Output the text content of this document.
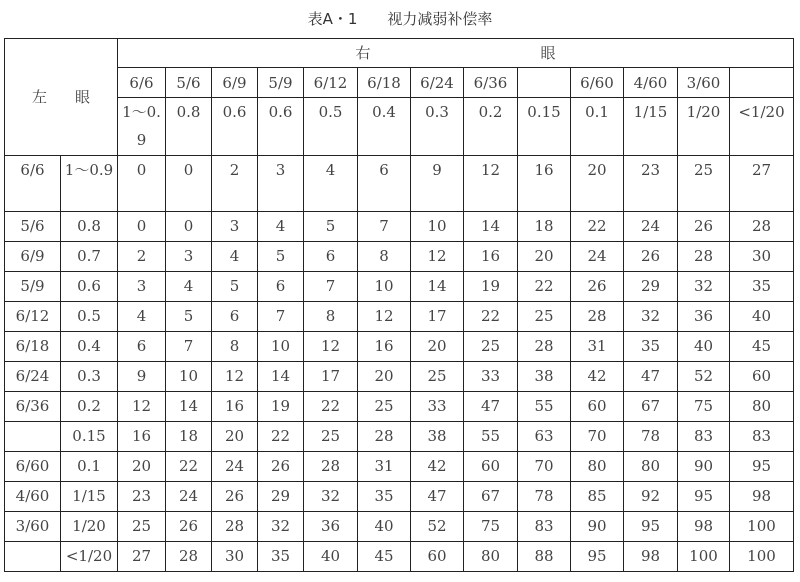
表A・1　　视力减弱补偿率
左 眼		右 眼												
		6/6	5/6	6/9	5/9	6/12	6/18	6/24	6/36		6/60	4/60	3/60	
		1～0.9	0.8	0.6	0.6	0.5	0.4	0.3	0.2	0.15	0.1	1/15	1/20	<1/20
6/6	1～0.9	0	0	2	3	4	6	9	12	16	20	23	25	27
5/6	0.8	0	0	3	4	5	7	10	14	18	22	24	26	28
6/9	0.7	2	3	4	5	6	8	12	16	20	24	26	28	30
5/9	0.6	3	4	5	6	7	10	14	19	22	26	29	32	35
6/12	0.5	4	5	6	7	8	12	17	22	25	28	32	36	40
6/18	0.4	6	7	8	10	12	16	20	25	28	31	35	40	45
6/24	0.3	9	10	12	14	17	20	25	33	38	42	47	52	60
6/36	0.2	12	14	16	19	22	25	33	47	55	60	67	75	80
	0.15	16	18	20	22	25	28	38	55	63	70	78	83	83
6/60	0.1	20	22	24	26	28	31	42	60	70	80	80	90	95
4/60	1/15	23	24	26	29	32	35	47	67	78	85	92	95	98
3/60	1/20	25	26	28	32	36	40	52	75	83	90	95	98	100
	<1/20	27	28	30	35	40	45	60	80	88	95	98	100	100
